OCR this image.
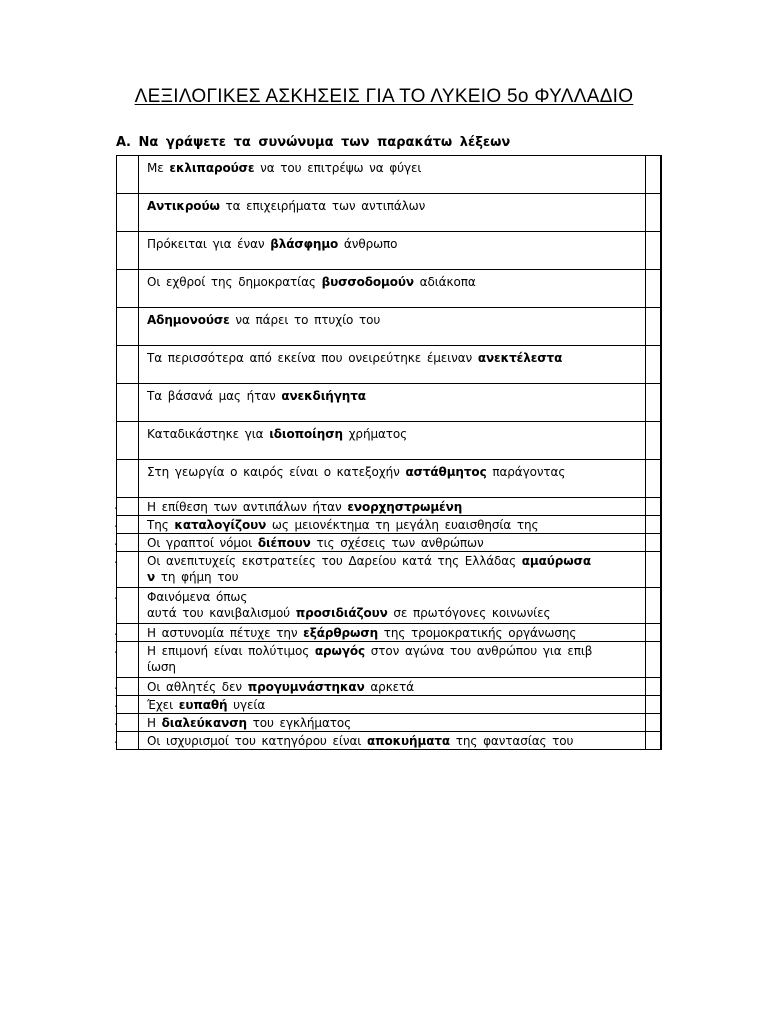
ΛΕΞΙΛΟΓΙΚΕΣ ΑΣΚΗΣΕΙΣ ΓΙΑ ΤΟ ΛΥΚΕΙΟ 5ο ΦΥΛΛΑΔΙΟ
Α. Να γράψετε τα συνώνυμα των παρακάτω λέξεων
	Με εκλιπαρούσε να του επιτρέψω να φύγει	
	Αντικρούω τα επιχειρήματα των αντιπάλων	
	Πρόκειται για έναν βλάσφημο άνθρωπο	
	Οι εχθροί της δημοκρατίας βυσσοδομούν αδιάκοπα	
	Αδημονούσε να πάρει το πτυχίο του	
	Τα περισσότερα από εκείνα που ονειρεύτηκε έμειναν ανεκτέλεστα	
	Τα βάσανά μας ήταν ανεκδιήγητα	
	Καταδικάστηκε για ιδιοποίηση χρήματος	
	Στη γεωργία ο καιρός είναι ο κατεξοχήν αστάθμητος παράγοντας	
.	Η επίθεση των αντιπάλων ήταν ενορχηστρωμένη	
.	Της καταλογίζουν ως μειονέκτημα τη μεγάλη ευαισθησία της	
.	Οι γραπτοί νόμοι διέπουν τις σχέσεις των ανθρώπων	
.	Οι ανεπιτυχείς εκστρατείες του Δαρείου κατά της Ελλάδας αμαύρωσα
ν τη φήμη του	
.	Φαινόμενα όπως
αυτά του κανιβαλισμού προσιδιάζουν σε πρωτόγονες κοινωνίες	
.	Η αστυνομία πέτυχε την εξάρθρωση της τρομοκρατικής οργάνωσης	
.	Η επιμονή είναι πολύτιμος αρωγός στον αγώνα του ανθρώπου για επιβ
ίωση	
.	Οι αθλητές δεν προγυμνάστηκαν αρκετά	
.	Έχει ευπαθή υγεία	
.	Η διαλεύκανση του εγκλήματος	
.	Οι ισχυρισμοί του κατηγόρου είναι αποκυήματα της φαντασίας του	
